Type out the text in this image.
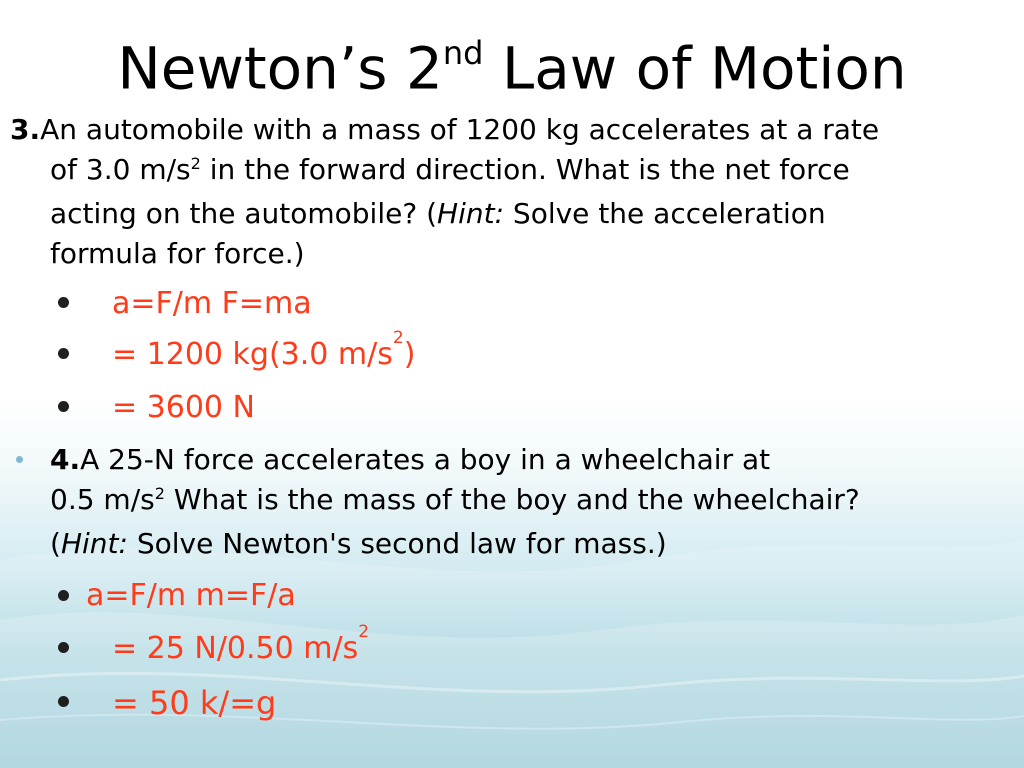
Newton’s 2nd Law of Motion
3.An automobile with a mass of 1200 kg accelerates at a rate
of 3.0 $m/s^2$ in the forward direction. What is the net force
acting on the automobile? (Hint: Solve the acceleration
formula for force.)
a=F/m F=ma
= 1200 kg(3.0 $m/s^2$)
= 3600 N
4.A 25-N force accelerates a boy in a wheelchair at
0.5 $m/s^2$ What is the mass of the boy and the wheelchair?
(Hint: Solve Newton's second law for mass.)
a=F/m m=F/a
= 25 N/0.50 $m/s^2$
= 50 k/=g
